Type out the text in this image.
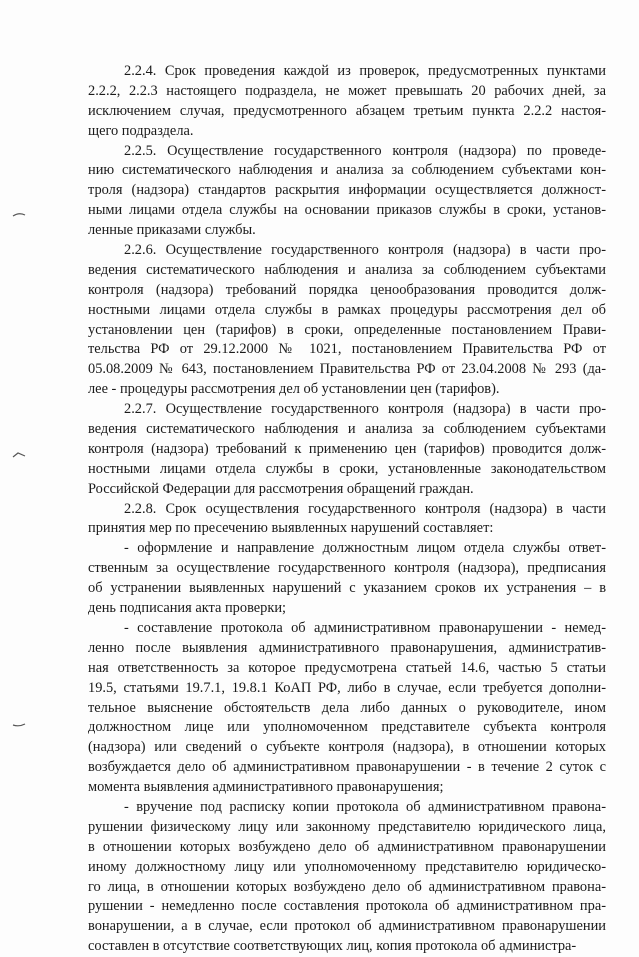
2.2.4. Срок проведения каждой из проверок, предусмотренных пунктами
2.2.2, 2.2.3 настоящего подраздела, не может превышать 20 рабочих дней, за
исключением случая, предусмотренного абзацем третьим пункта 2.2.2 настоя-
щего подраздела.
2.2.5. Осуществление государственного контроля (надзора) по проведе-
нию систематического наблюдения и анализа за соблюдением субъектами кон-
троля (надзора) стандартов раскрытия информации осуществляется должност-
ными лицами отдела службы на основании приказов службы в сроки, установ-
ленные приказами службы.
2.2.6. Осуществление государственного контроля (надзора) в части про-
ведения систематического наблюдения и анализа за соблюдением субъектами
контроля (надзора) требований порядка ценообразования проводится долж-
ностными лицами отдела службы в рамках процедуры рассмотрения дел об
установлении цен (тарифов) в сроки, определенные постановлением Прави-
тельства РФ от 29.12.2000 № 1021, постановлением Правительства РФ от
05.08.2009 № 643, постановлением Правительства РФ от 23.04.2008 № 293 (да-
лее - процедуры рассмотрения дел об установлении цен (тарифов).
2.2.7. Осуществление государственного контроля (надзора) в части про-
ведения систематического наблюдения и анализа за соблюдением субъектами
контроля (надзора) требований к применению цен (тарифов) проводится долж-
ностными лицами отдела службы в сроки, установленные законодательством
Российской Федерации для рассмотрения обращений граждан.
2.2.8. Срок осуществления государственного контроля (надзора) в части
принятия мер по пресечению выявленных нарушений составляет:
- оформление и направление должностным лицом отдела службы ответ-
ственным за осуществление государственного контроля (надзора), предписания
об устранении выявленных нарушений с указанием сроков их устранения – в
день подписания акта проверки;
- составление протокола об административном правонарушении - немед-
ленно после выявления административного правонарушения, административ-
ная ответственность за которое предусмотрена статьей 14.6, частью 5 статьи
19.5, статьями 19.7.1, 19.8.1 КоАП РФ, либо в случае, если требуется дополни-
тельное выяснение обстоятельств дела либо данных о руководителе, ином
должностном лице или уполномоченном представителе субъекта контроля
(надзора) или сведений о субъекте контроля (надзора), в отношении которых
возбуждается дело об административном правонарушении - в течение 2 суток с
момента выявления административного правонарушения;
- вручение под расписку копии протокола об административном правона-
рушении физическому лицу или законному представителю юридического лица,
в отношении которых возбуждено дело об административном правонарушении
иному должностному лицу или уполномоченному представителю юридическо-
го лица, в отношении которых возбуждено дело об административном правона-
рушении - немедленно после составления протокола об административном пра-
вонарушении, а в случае, если протокол об административном правонарушении
составлен в отсутствие соответствующих лиц, копия протокола об администра-
